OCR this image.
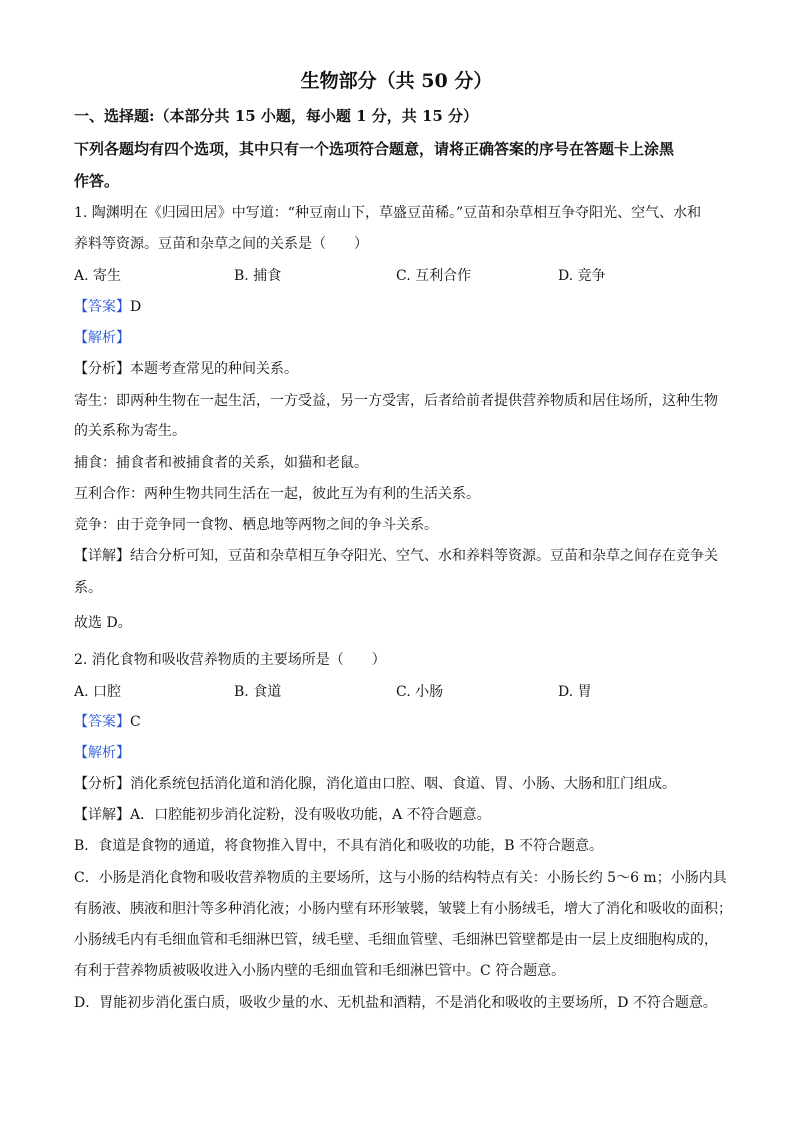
生物部分（共 50 分）
一、选择题:（本部分共 15 小题，每小题 1 分，共 15 分）
下列各题均有四个选项，其中只有一个选项符合题意，请将正确答案的序号在答题卡上涂黑
作答。
1. 陶渊明在《归园田居》中写道：“种豆南山下，草盛豆苗稀。”豆苗和杂草相互争夺阳光、空气、水和
养料等资源。豆苗和杂草之间的关系是（　　）
A. 寄生	B. 捕食	C. 互利合作	D. 竞争
【答案】D
【解析】
【分析】本题考查常见的种间关系。
寄生：即两种生物在一起生活，一方受益，另一方受害，后者给前者提供营养物质和居住场所，这种生物
的关系称为寄生。
捕食：捕食者和被捕食者的关系，如猫和老鼠。
互利合作：两种生物共同生活在一起，彼此互为有利的生活关系。
竞争：由于竞争同一食物、栖息地等两物之间的争斗关系。
【详解】结合分析可知，豆苗和杂草相互争夺阳光、空气、水和养料等资源。豆苗和杂草之间存在竞争关
系。
故选 D。
2. 消化食物和吸收营养物质的主要场所是（　　）
A. 口腔	B. 食道	C. 小肠	D. 胃
【答案】C
【解析】
【分析】消化系统包括消化道和消化腺，消化道由口腔、咽、食道、胃、小肠、大肠和肛门组成。
【详解】A．口腔能初步消化淀粉，没有吸收功能，A 不符合题意。
B．食道是食物的通道，将食物推入胃中，不具有消化和吸收的功能，B 不符合题意。
C．小肠是消化食物和吸收营养物质的主要场所，这与小肠的结构特点有关：小肠长约 5～6 m；小肠内具
有肠液、胰液和胆汁等多种消化液；小肠内壁有环形皱襞，皱襞上有小肠绒毛，增大了消化和吸收的面积；
小肠绒毛内有毛细血管和毛细淋巴管，绒毛壁、毛细血管壁、毛细淋巴管壁都是由一层上皮细胞构成的，
有利于营养物质被吸收进入小肠内壁的毛细血管和毛细淋巴管中。C 符合题意。
D．胃能初步消化蛋白质，吸收少量的水、无机盐和酒精，不是消化和吸收的主要场所，D 不符合题意。
